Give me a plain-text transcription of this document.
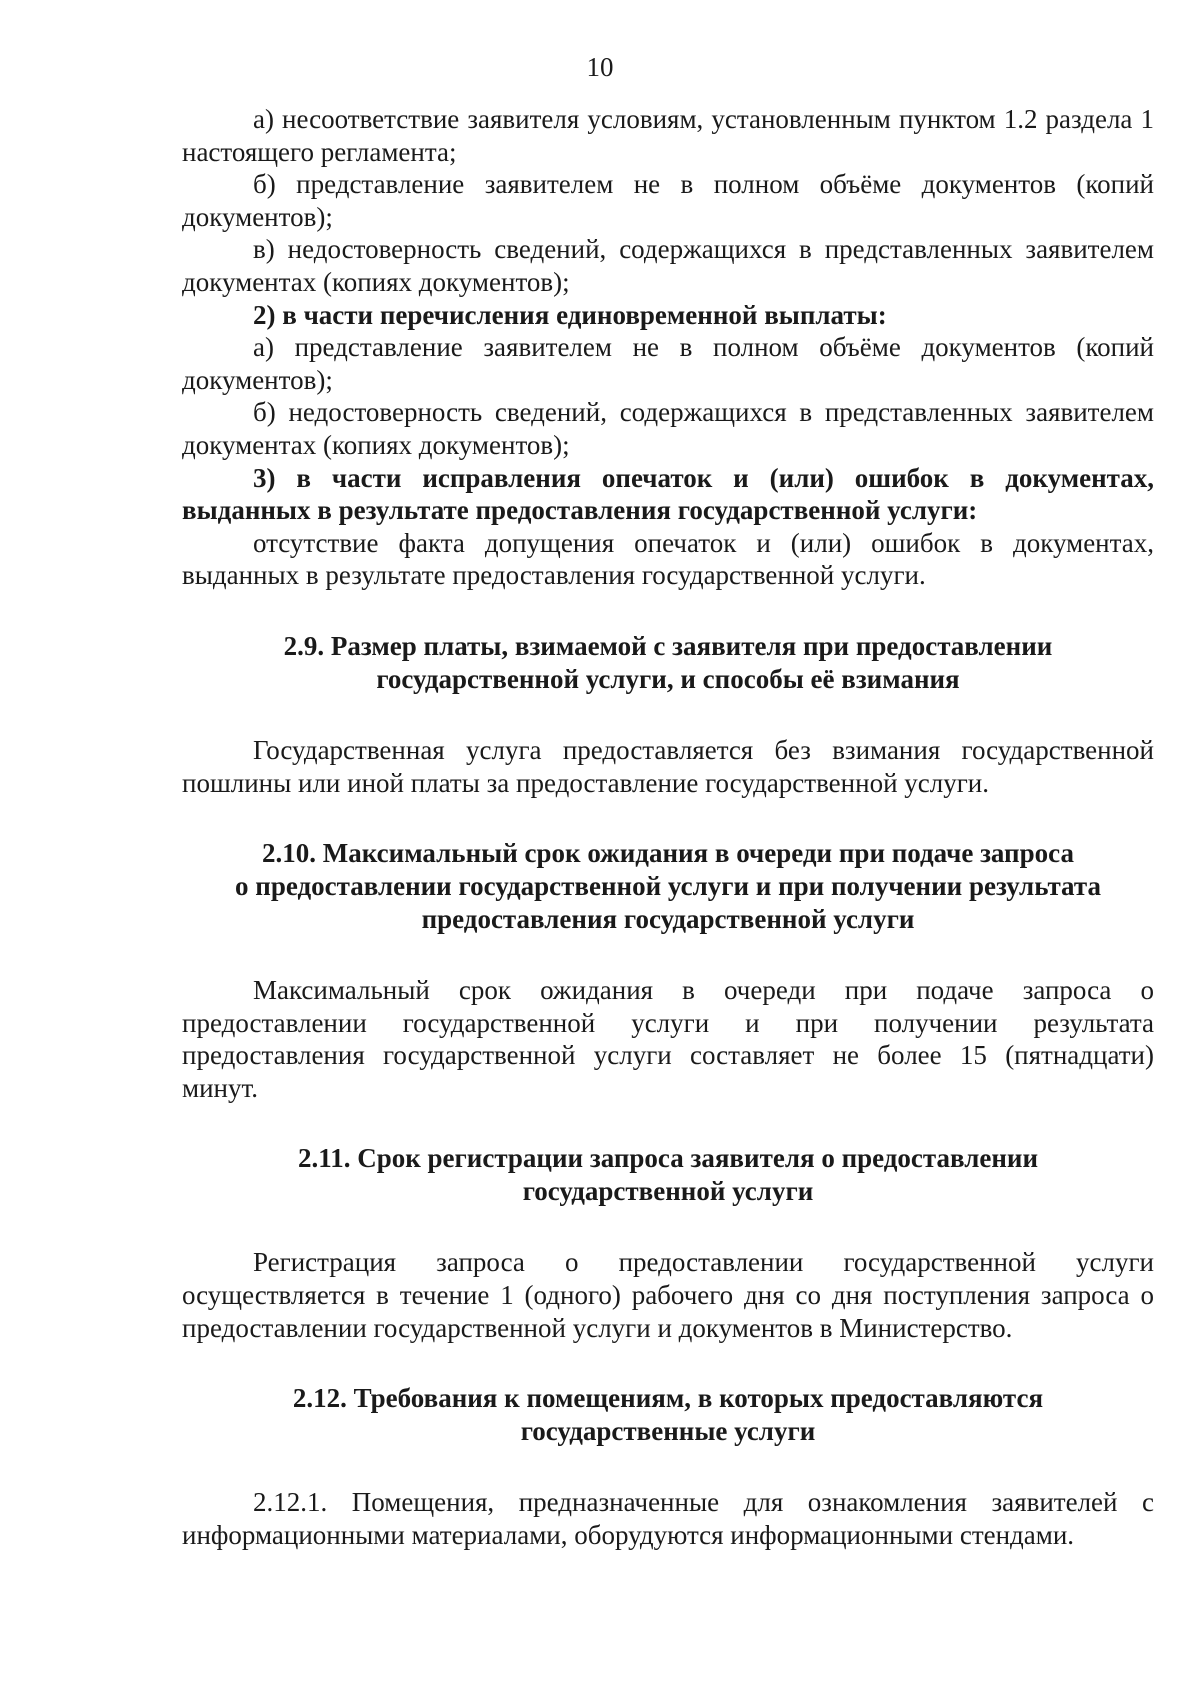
10

а) несоответствие заявителя условиям, установленным пунктом 1.2 раздела 1 настоящего регламента;

б) представление заявителем не в полном объёме документов (копий документов);

в) недостоверность сведений, содержащихся в представленных заявителем документах (копиях документов);

2) в части перечисления единовременной выплаты:

а) представление заявителем не в полном объёме документов (копий документов);

б) недостоверность сведений, содержащихся в представленных заявителем документах (копиях документов);

3) в части исправления опечаток и (или) ошибок в документах, выданных в результате предоставления государственной услуги:

отсутствие факта допущения опечаток и (или) ошибок в документах, выданных в результате предоставления государственной услуги.

2.9. Размер платы, взимаемой с заявителя при предоставлении
государственной услуги, и способы её взимания

Государственная услуга предоставляется без взимания государственной пошлины или иной платы за предоставление государственной услуги.

2.10. Максимальный срок ожидания в очереди при подаче запроса
о предоставлении государственной услуги и при получении результата
предоставления государственной услуги

Максимальный срок ожидания в очереди при подаче запроса о предоставлении государственной услуги и при получении результата предоставления государственной услуги составляет не более 15 (пятнадцати) минут.

2.11. Срок регистрации запроса заявителя о предоставлении
государственной услуги

Регистрация запроса о предоставлении государственной услуги осуществляется в течение 1 (одного) рабочего дня со дня поступления запроса о предоставлении государственной услуги и документов в Министерство.

2.12. Требования к помещениям, в которых предоставляются
государственные услуги

2.12.1. Помещения, предназначенные для ознакомления заявителей с информационными материалами, оборудуются информационными стендами.
